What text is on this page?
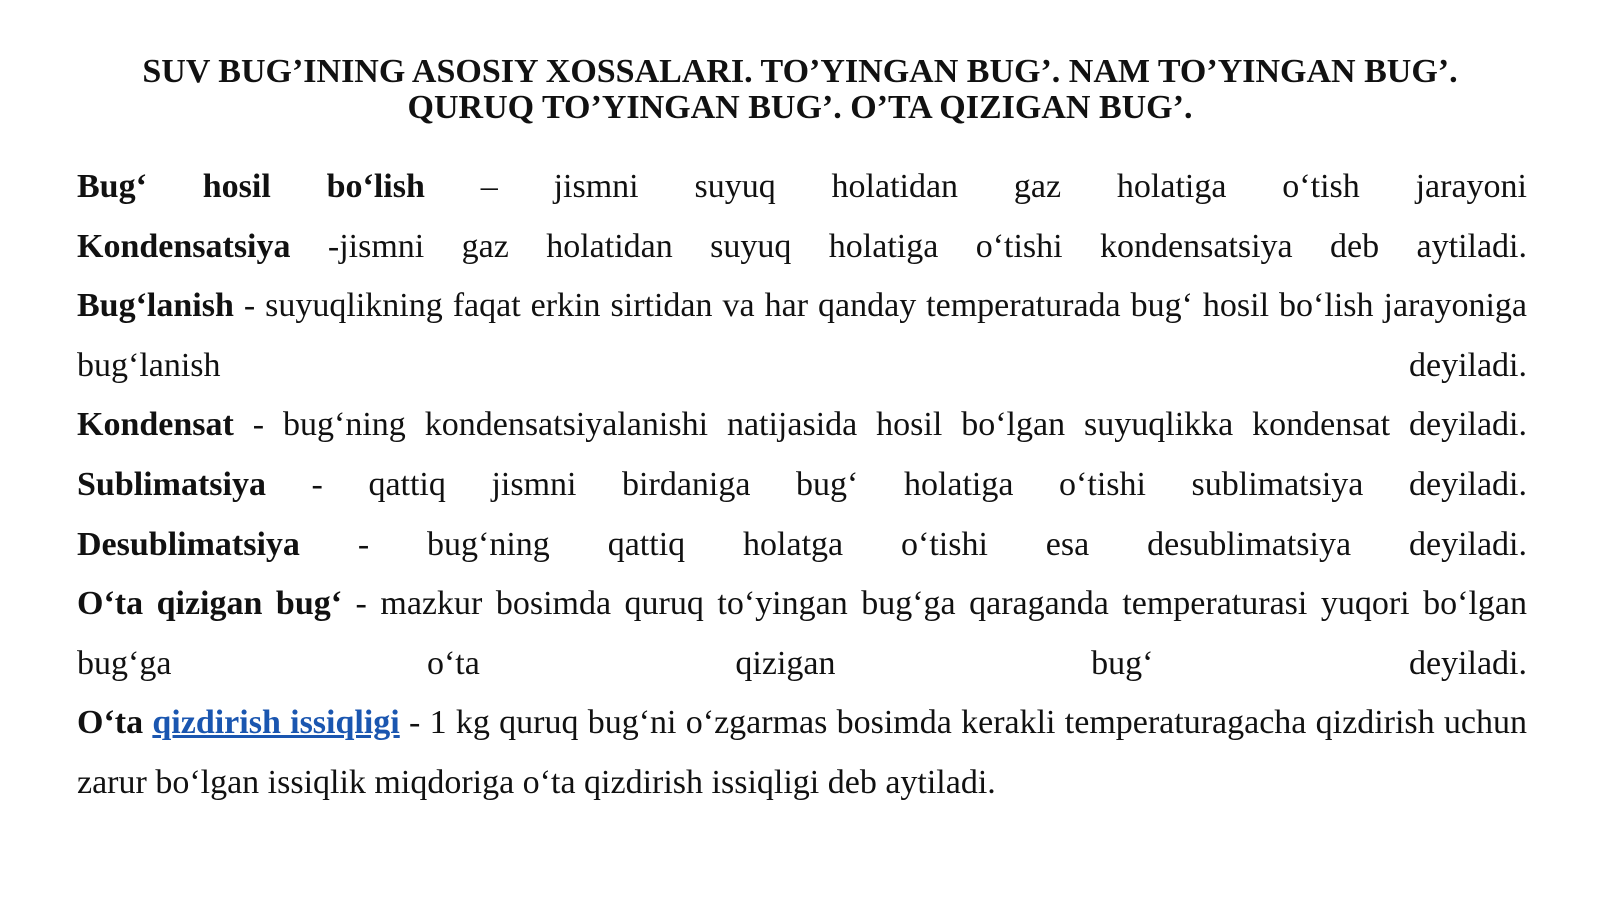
SUV BUG’INING ASOSIY XOSSALARI. TO’YINGAN BUG’. NAM TO’YINGAN BUG’.
QURUQ TO’YINGAN BUG’. O’TA QIZIGAN BUG’.

Bug‘ hosil bo‘lish – jismni suyuq holatidan gaz holatiga o‘tish jarayoni

Kondensatsiya -jismni gaz holatidan suyuq holatiga o‘tishi kondensatsiya deb aytiladi.

Bug‘lanish - suyuqlikning faqat erkin sirtidan va har qanday temperaturada bug‘ hosil bo‘lish jarayoniga bug‘lanish deyiladi.

Kondensat - bug‘ning kondensatsiyalanishi natijasida hosil bo‘lgan suyuqlikka kondensat deyiladi.

Sublimatsiya - qattiq jismni birdaniga bug‘ holatiga o‘tishi sublimatsiya deyiladi.

Desublimatsiya - bug‘ning qattiq holatga o‘tishi esa desublimatsiya deyiladi.

O‘ta qizigan bug‘ - mazkur bosimda quruq to‘yingan bug‘ga qaraganda temperaturasi yuqori bo‘lgan bug‘ga o‘ta qizigan bug‘ deyiladi.

O‘ta qizdirish issiqligi - 1 kg quruq bug‘ni o‘zgarmas bosimda kerakli temperaturagacha qizdirish uchun zarur bo‘lgan issiqlik miqdoriga o‘ta qizdirish issiqligi deb aytiladi.
